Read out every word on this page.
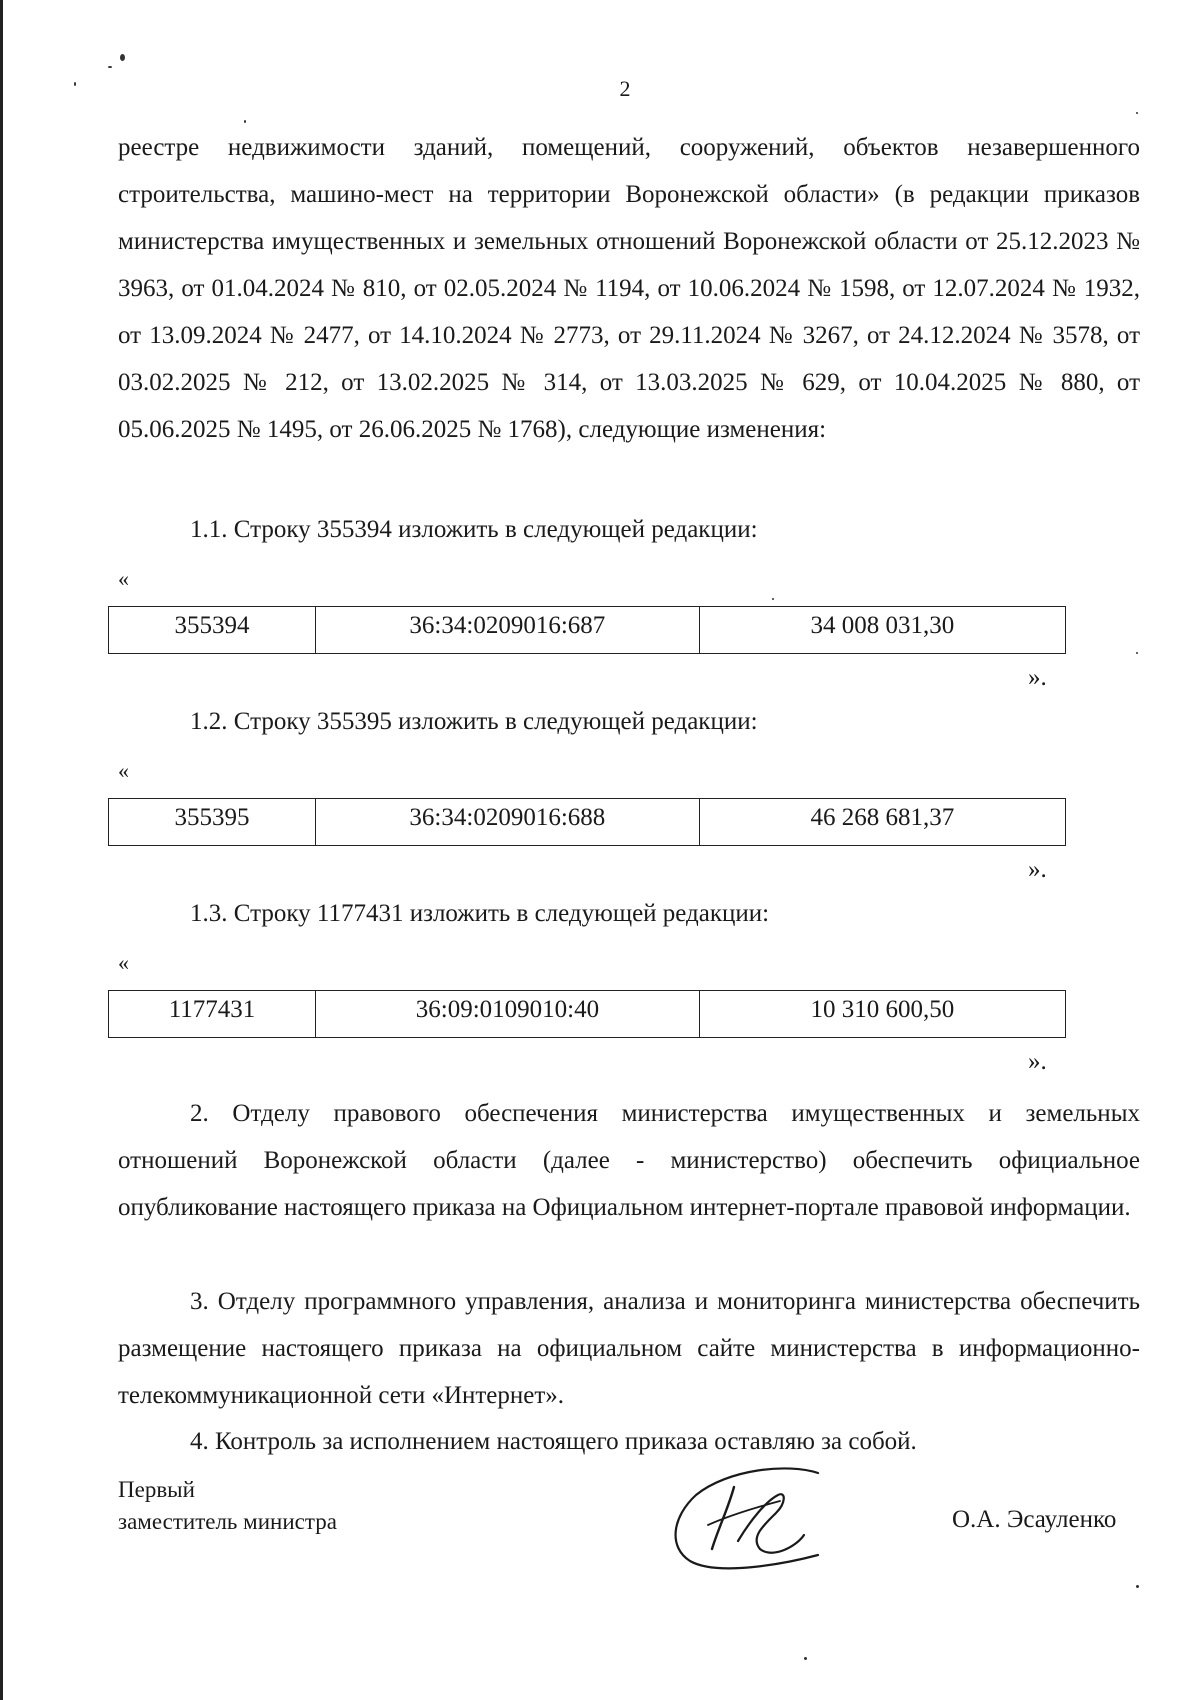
2

реестре недвижимости зданий, помещений, сооружений, объектов незавершенного строительства, машино-мест на территории Воронежской области» (в редакции приказов министерства имущественных и земельных отношений Воронежской области от 25.12.2023 № 3963, от 01.04.2024 № 810, от 02.05.2024 № 1194, от 10.06.2024 № 1598, от 12.07.2024 № 1932, от 13.09.2024 № 2477, от 14.10.2024 № 2773, от 29.11.2024 № 3267, от 24.12.2024 № 3578, от 03.02.2025 № 212, от 13.02.2025 № 314, от 13.03.2025 № 629, от 10.04.2025 № 880, от 05.06.2025 № 1495, от 26.06.2025 № 1768), следующие изменения:

1.1. Строку 355394 изложить в следующей редакции:
«
355394	36:34:0209016:687	34 008 031,30
».
1.2. Строку 355395 изложить в следующей редакции:
«
355395	36:34:0209016:688	46 268 681,37
».
1.3. Строку 1177431 изложить в следующей редакции:
«
1177431	36:09:0109010:40	10 310 600,50
».

2. Отделу правового обеспечения министерства имущественных и земельных отношений Воронежской области (далее - министерство) обеспечить официальное опубликование настоящего приказа на Официальном интернет-портале правовой информации.

3. Отделу программного управления, анализа и мониторинга министерства обеспечить размещение настоящего приказа на официальном сайте министерства в информационно-телекоммуникационной сети «Интернет».

4. Контроль за исполнением настоящего приказа оставляю за собой.

Первый
заместитель министра	О.А. Эсауленко
